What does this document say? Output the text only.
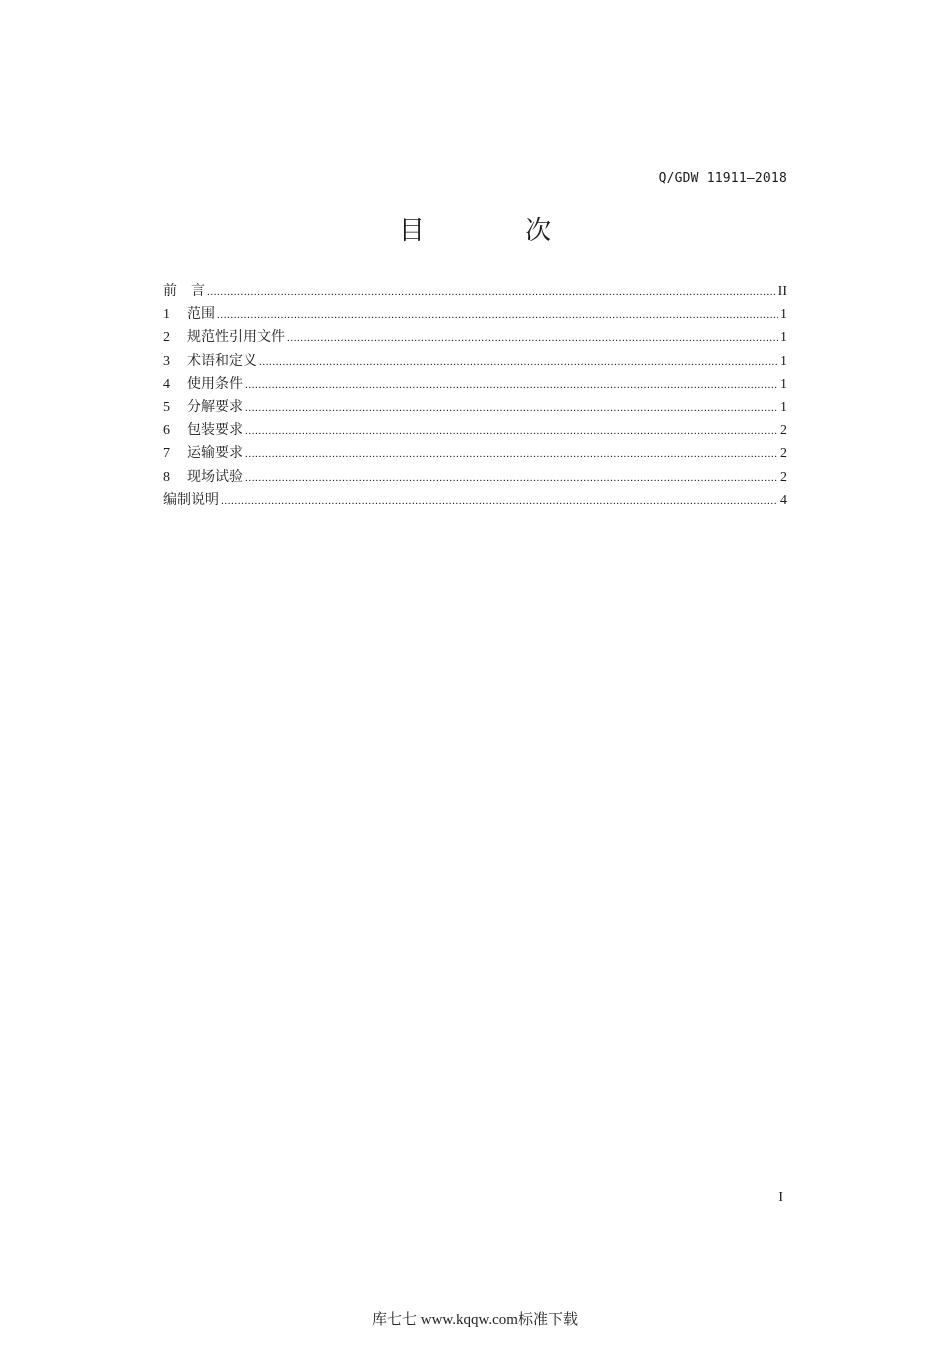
Q/GDW 11911—2018
目 次
前　言 .....	II
1	范围 .....	1
2	规范性引用文件 .....	1
3	术语和定义 .....	1
4	使用条件 .....	1
5	分解要求 .....	1
6	包装要求 .....	2
7	运输要求 .....	2
8	现场试验 .....	2
编制说明 .....	4
I
库七七 www.kqqw.com标准下载
